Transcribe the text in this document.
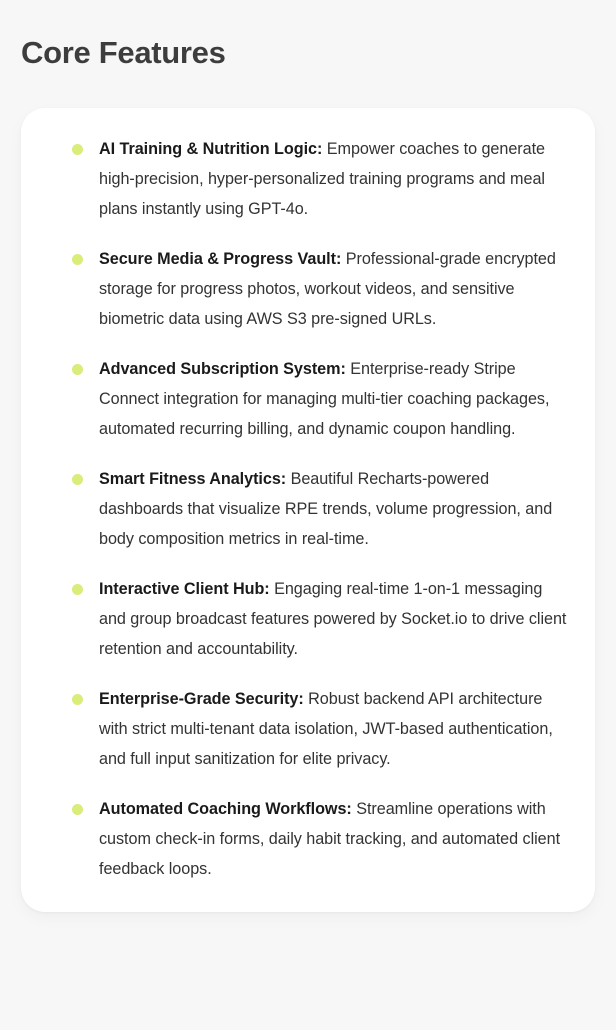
Core Features

AI Training & Nutrition Logic: Empower coaches to generate high-precision, hyper-personalized training programs and meal plans instantly using GPT-4o.

Secure Media & Progress Vault: Professional-grade encrypted storage for progress photos, workout videos, and sensitive biometric data using AWS S3 pre-signed URLs.

Advanced Subscription System: Enterprise-ready Stripe Connect integration for managing multi-tier coaching packages, automated recurring billing, and dynamic coupon handling.

Smart Fitness Analytics: Beautiful Recharts-powered dashboards that visualize RPE trends, volume progression, and body composition metrics in real-time.

Interactive Client Hub: Engaging real-time 1-on-1 messaging and group broadcast features powered by Socket.io to drive client retention and accountability.

Enterprise-Grade Security: Robust backend API architecture with strict multi-tenant data isolation, JWT-based authentication, and full input sanitization for elite privacy.

Automated Coaching Workflows: Streamline operations with custom check-in forms, daily habit tracking, and automated client feedback loops.
